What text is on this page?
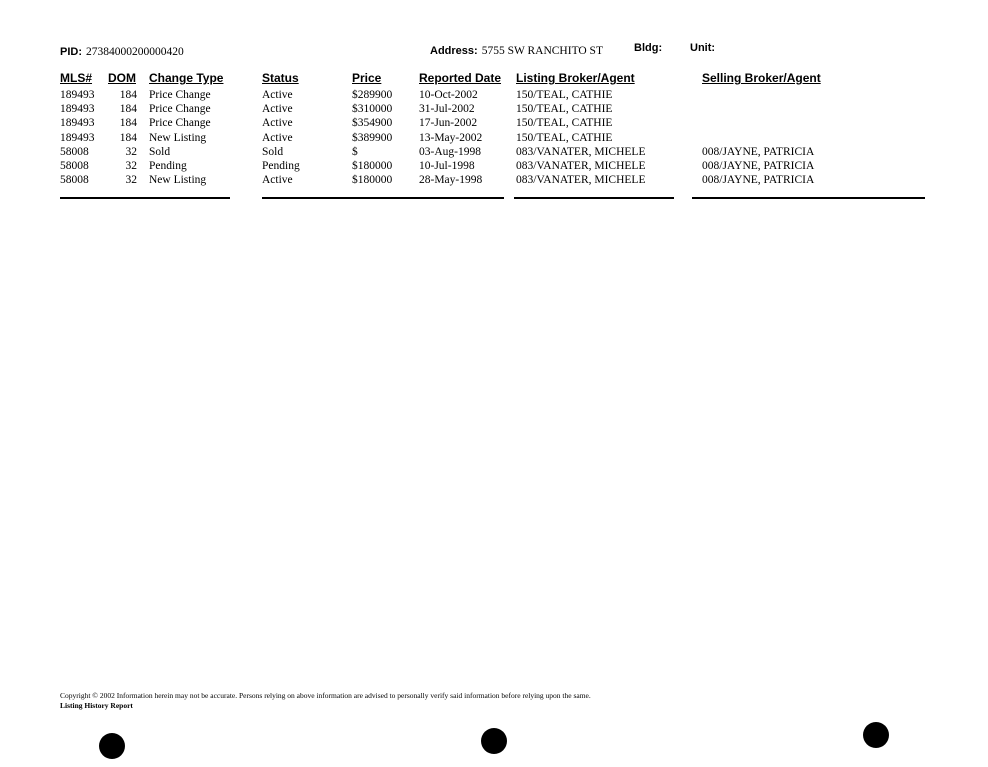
PID: 27384000200000420	Address: 5755 SW RANCHITO ST	Bldg:	Unit:
MLS# DOM Change Type	Status	Price	Reported Date Listing Broker/Agent	Selling Broker/Agent
189493	184 Price Change	Active	$289900 10-Oct-2002	150/TEAL, CATHIE
189493	184 Price Change	Active	$310000 31-Jul-2002	150/TEAL, CATHIE
189493	184 Price Change	Active	$354900 17-Jun-2002	150/TEAL, CATHIE
189493	184 New Listing	Active	$389900 13-May-2002	150/TEAL, CATHIE
58008	32 Sold	Sold	$	03-Aug-1998	083/VANATER, MICHELE	008/JAYNE, PATRICIA
58008	32 Pending	Pending	$180000 10-Jul-1998	083/VANATER, MICHELE	008/JAYNE, PATRICIA
58008	32 New Listing	Active	$180000 28-May-1998	083/VANATER, MICHELE	008/JAYNE, PATRICIA
Copyright © 2002 Information herein may not be accurate. Persons relying on above information are advised to personally verify said information before relying upon the same.
Listing History Report
